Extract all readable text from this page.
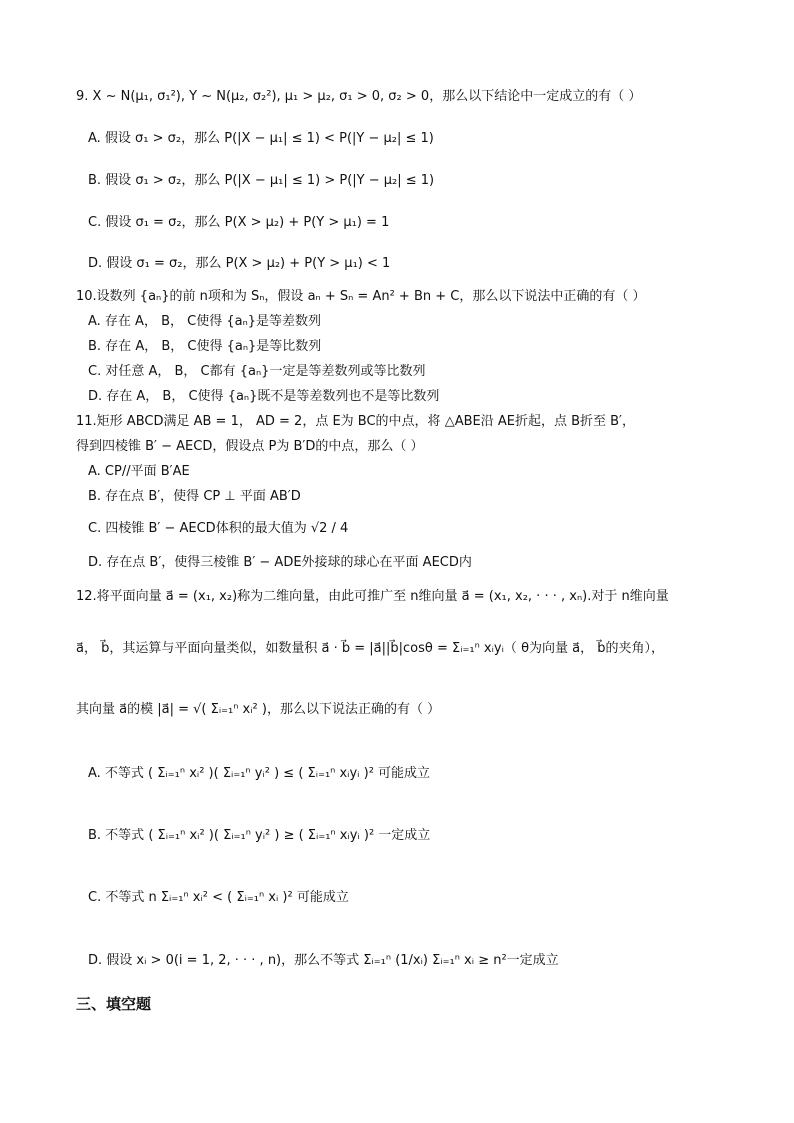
9. X ~ N(μ₁, σ₁²), Y ~ N(μ₂, σ₂²), μ₁ > μ₂, σ₁ > 0, σ₂ > 0，那么以下结论中一定成立的有（ ）
A. 假设 σ₁ > σ₂，那么 P(|X − μ₁| ≤ 1) < P(|Y − μ₂| ≤ 1)
B. 假设 σ₁ > σ₂，那么 P(|X − μ₁| ≤ 1) > P(|Y − μ₂| ≤ 1)
C. 假设 σ₁ = σ₂，那么 P(X > μ₂) + P(Y > μ₁) = 1
D. 假设 σ₁ = σ₂，那么 P(X > μ₂) + P(Y > μ₁) < 1
10.设数列 {aₙ}的前 n项和为 Sₙ，假设 aₙ + Sₙ = An² + Bn + C，那么以下说法中正确的有（ ）
A. 存在 A， B， C使得 {aₙ}是等差数列
B. 存在 A， B， C使得 {aₙ}是等比数列
C. 对任意 A， B， C都有 {aₙ}一定是等差数列或等比数列
D. 存在 A， B， C使得 {aₙ}既不是等差数列也不是等比数列
11.矩形 ABCD满足 AB = 1， AD = 2，点 E为 BC的中点，将 △ABE沿 AE折起，点 B折至 B′，
得到四棱锥 B′ − AECD，假设点 P为 B′D的中点，那么（ ）
A. CP//平面 B′AE
B. 存在点 B′，使得 CP ⊥ 平面 AB′D
C. 四棱锥 B′ − AECD体积的最大值为 √2 / 4
D. 存在点 B′，使得三棱锥 B′ − ADE外接球的球心在平面 AECD内
12.将平面向量 a⃗ = (x₁, x₂)称为二维向量，由此可推广至 n维向量 a⃗ = (x₁, x₂, · · · , xₙ).对于 n维向量
a⃗， b⃗，其运算与平面向量类似，如数量积 a⃗ · b⃗ = |a⃗||b⃗|cosθ = Σᵢ₌₁ⁿ xᵢyᵢ（ θ为向量 a⃗， b⃗的夹角），
其向量 a⃗的模 |a⃗| = √( Σᵢ₌₁ⁿ xᵢ² )，那么以下说法正确的有（ ）
A. 不等式 ( Σᵢ₌₁ⁿ xᵢ² )( Σᵢ₌₁ⁿ yᵢ² ) ≤ ( Σᵢ₌₁ⁿ xᵢyᵢ )² 可能成立
B. 不等式 ( Σᵢ₌₁ⁿ xᵢ² )( Σᵢ₌₁ⁿ yᵢ² ) ≥ ( Σᵢ₌₁ⁿ xᵢyᵢ )² 一定成立
C. 不等式 n Σᵢ₌₁ⁿ xᵢ² < ( Σᵢ₌₁ⁿ xᵢ )² 可能成立
D. 假设 xᵢ > 0(i = 1, 2, · · · , n)，那么不等式 Σᵢ₌₁ⁿ (1/xᵢ) Σᵢ₌₁ⁿ xᵢ ≥ n²一定成立
三、填空题
